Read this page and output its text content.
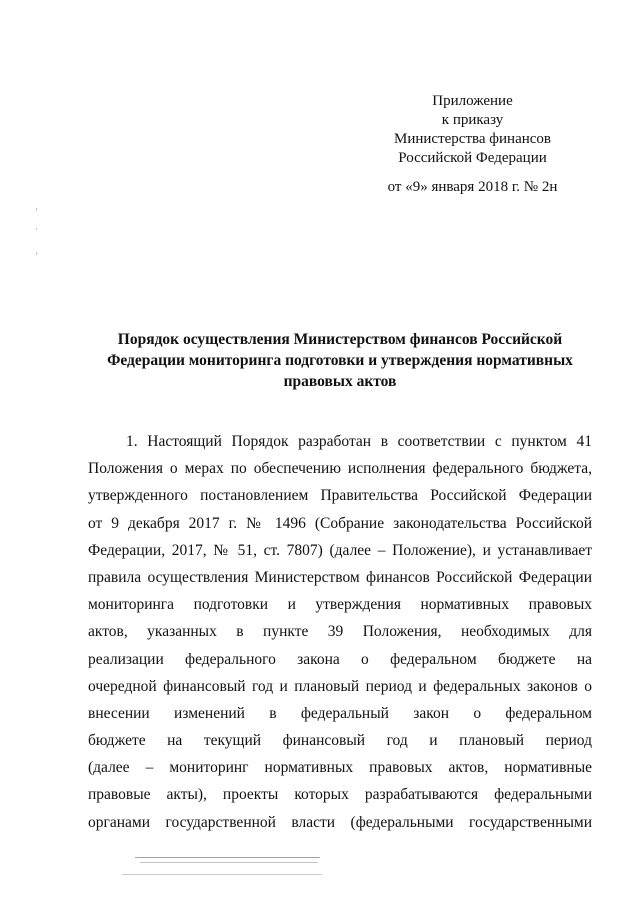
Приложение
к приказу
Министерства финансов
Российской Федерации
от «9» января 2018 г. № 2н
Порядок осуществления Министерством финансов Российской
Федерации мониторинга подготовки и утверждения нормативных
правовых актов
1. Настоящий Порядок разработан в соответствии с пунктом 41
Положения о мерах по обеспечению исполнения федерального бюджета,
утвержденного постановлением Правительства Российской Федерации
от 9 декабря 2017 г. № 1496 (Собрание законодательства Российской
Федерации, 2017, № 51, ст. 7807) (далее – Положение), и устанавливает
правила осуществления Министерством финансов Российской Федерации
мониторинга подготовки и утверждения нормативных правовых
актов, указанных в пункте 39 Положения, необходимых для
реализации федерального закона о федеральном бюджете на
очередной финансовый год и плановый период и федеральных законов о
внесении изменений в федеральный закон о федеральном
бюджете на текущий финансовый год и плановый период
(далее – мониторинг нормативных правовых актов, нормативные
правовые акты), проекты которых разрабатываются федеральными
органами государственной власти (федеральными государственными
